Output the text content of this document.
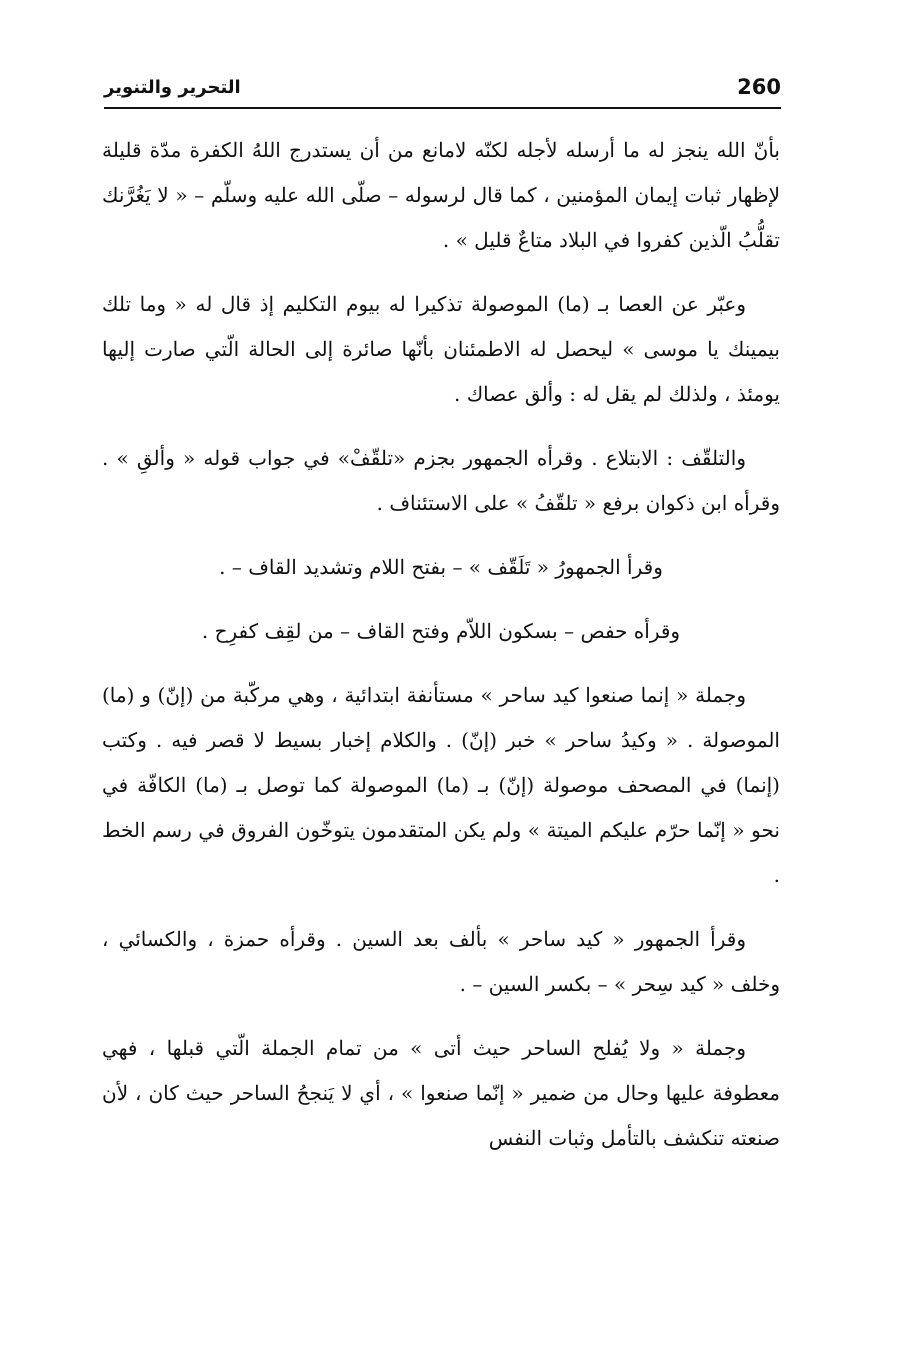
260
التحرير والتنوير

بأنّ الله ينجز له ما أرسله لأجله لكنّه لامانع من أن يستدرج اللهُ الكفرة مدّة قليلة لإظهار ثبات إيمان المؤمنين ، كما قال لرسوله – صلّى الله عليه وسلّم – « لا يَغُرَّنك تقلُّبُ الّذين كفروا في البلاد متاعٌ قليل » .

وعبّر عن العصا بـ (ما) الموصولة تذكيرا له بيوم التكليم إذ قال له « وما تلك بيمينك يا موسى » ليحصل له الاطمئنان بأنّها صائرة إلى الحالة الّتي صارت إليها يومئذ ، ولذلك لم يقل له : وألق عصاك .

والتلقّف : الابتلاع . وقرأه الجمهور بجزم «تلقّفْ» في جواب قوله « وألقِ » . وقرأه ابن ذكوان برفع « تلقّفُ » على الاستئناف .

وقرأ الجمهورُ « تَلَقّف » – بفتح اللام وتشديد القاف – .

وقرأه حفص – بسكون اللاّم وفتح القاف – من لقِف كفرِح .

وجملة « إنما صنعوا كيد ساحر » مستأنفة ابتدائية ، وهي مركّبة من (إنّ) و (ما) الموصولة . « وكيدُ ساحر » خبر (إنّ) . والكلام إخبار بسيط لا قصر فيه . وكتب (إنما) في المصحف موصولة (إنّ) بـ (ما) الموصولة كما توصل بـ (ما) الكافّة في نحو « إنّما حرّم عليكم الميتة » ولم يكن المتقدمون يتوخّون الفروق في رسم الخط .

وقرأ الجمهور « كيد ساحر » بألف بعد السين . وقرأه حمزة ، والكسائي ، وخلف « كيد سِحر » – بكسر السين – .

وجملة « ولا يُفلح الساحر حيث أتى » من تمام الجملة الّتي قبلها ، فهي معطوفة عليها وحال من ضمير « إنّما صنعوا » ، أي لا يَنجحُ الساحر حيث كان ، لأن صنعته تنكشف بالتأمل وثبات النفس
